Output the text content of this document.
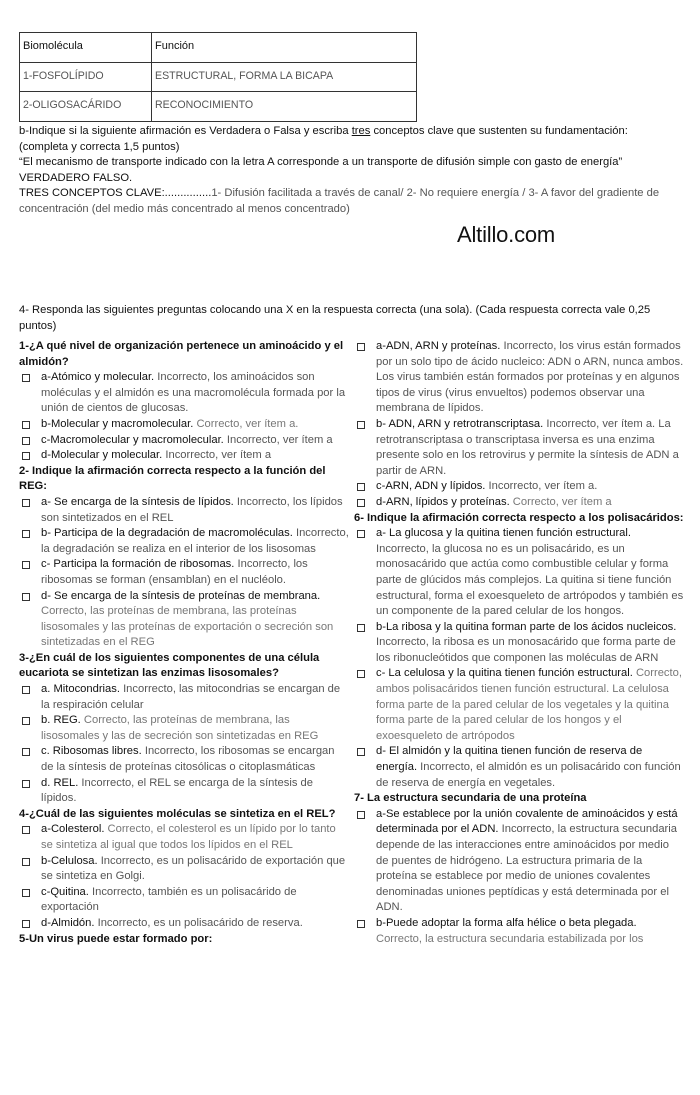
Biomolécula	Función
1-FOSFOLÍPIDO	ESTRUCTURAL, FORMA LA BICAPA
2-OLIGOSACÁRIDO	RECONOCIMIENTO
b-Indique si la siguiente afirmación es Verdadera o Falsa y escriba tres conceptos clave que sustenten su fundamentación:
(completa y correcta 1,5 puntos)
“El mecanismo de transporte indicado con la letra A corresponde a un transporte de difusión simple con gasto de energía”
VERDADERO FALSO.
TRES CONCEPTOS CLAVE:...............1- Difusión facilitada a través de canal/ 2- No requiere energía / 3- A favor del gradiente de concentración (del medio más concentrado al menos concentrado)
Altillo.com
4- Responda las siguientes preguntas colocando una X en la respuesta correcta (una sola). (Cada respuesta correcta vale 0,25 puntos)
1-¿A qué nivel de organización pertenece un aminoácido y el almidón?
a-Atómico y molecular. Incorrecto, los aminoácidos son moléculas y el almidón es una macromolécula formada por la unión de cientos de glucosas.
b-Molecular y macromolecular. Correcto, ver ítem a.
c-Macromolecular y macromolecular. Incorrecto, ver ítem a
d-Molecular y molecular. Incorrecto, ver ítem a
2- Indique la afirmación correcta respecto a la función del REG:
a- Se encarga de la síntesis de lípidos. Incorrecto, los lípidos son sintetizados en el REL
b- Participa de la degradación de macromoléculas. Incorrecto, la degradación se realiza en el interior de los lisosomas
c- Participa la formación de ribosomas. Incorrecto, los ribosomas se forman (ensamblan) en el nucléolo.
d- Se encarga de la síntesis de proteínas de membrana. Correcto, las proteínas de membrana, las proteínas lisosomales y las proteínas de exportación o secreción son sintetizadas en el REG
3-¿En cuál de los siguientes componentes de una célula eucariota se sintetizan las enzimas lisosomales?
a. Mitocondrias. Incorrecto, las mitocondrias se encargan de la respiración celular
b. REG. Correcto, las proteínas de membrana, las lisosomales y las de secreción son sintetizadas en REG
c. Ribosomas libres. Incorrecto, los ribosomas se encargan de la síntesis de proteínas citosólicas o citoplasmáticas
d. REL. Incorrecto, el REL se encarga de la síntesis de lípidos.
4-¿Cuál de las siguientes moléculas se sintetiza en el REL?
a-Colesterol. Correcto, el colesterol es un lípido por lo tanto se sintetiza al igual que todos los lípidos en el REL
b-Celulosa. Incorrecto, es un polisacárido de exportación que se sintetiza en Golgi.
c-Quitina. Incorrecto, también es un polisacárido de exportación
d-Almidón. Incorrecto, es un polisacárido de reserva.
5-Un virus puede estar formado por:
a-ADN, ARN y proteínas. Incorrecto, los virus están formados por un solo tipo de ácido nucleico: ADN o ARN, nunca ambos. Los virus también están formados por proteínas y en algunos tipos de virus (virus envueltos) podemos observar una membrana de lípidos.
b- ADN, ARN y retrotranscriptasa. Incorrecto, ver ítem a. La retrotranscriptasa o transcriptasa inversa es una enzima presente solo en los retrovirus y permite la síntesis de ADN a partir de ARN.
c-ARN, ADN y lípidos. Incorrecto, ver ítem a.
d-ARN, lípidos y proteínas. Correcto, ver ítem a
6- Indique la afirmación correcta respecto a los polisacáridos:
a- La glucosa y la quitina tienen función estructural. Incorrecto, la glucosa no es un polisacárido, es un monosacárido que actúa como combustible celular y forma parte de glúcidos más complejos. La quitina si tiene función estructural, forma el exoesqueleto de artrópodos y también es un componente de la pared celular de los hongos.
b-La ribosa y la quitina forman parte de los ácidos nucleicos. Incorrecto, la ribosa es un monosacárido que forma parte de los ribonucleótidos que componen las moléculas de ARN
c- La celulosa y la quitina tienen función estructural. Correcto, ambos polisacáridos tienen función estructural. La celulosa forma parte de la pared celular de los vegetales y la quitina forma parte de la pared celular de los hongos y el exoesqueleto de artrópodos
d- El almidón y la quitina tienen función de reserva de energía. Incorrecto, el almidón es un polisacárido con función de reserva de energía en vegetales.
7- La estructura secundaria de una proteína
a-Se establece por la unión covalente de aminoácidos y está determinada por el ADN. Incorrecto, la estructura secundaria depende de las interacciones entre aminoácidos por medio de puentes de hidrógeno. La estructura primaria de la proteína se establece por medio de uniones covalentes denominadas uniones peptídicas y está determinada por el ADN.
b-Puede adoptar la forma alfa hélice o beta plegada. Correcto, la estructura secundaria estabilizada por los
